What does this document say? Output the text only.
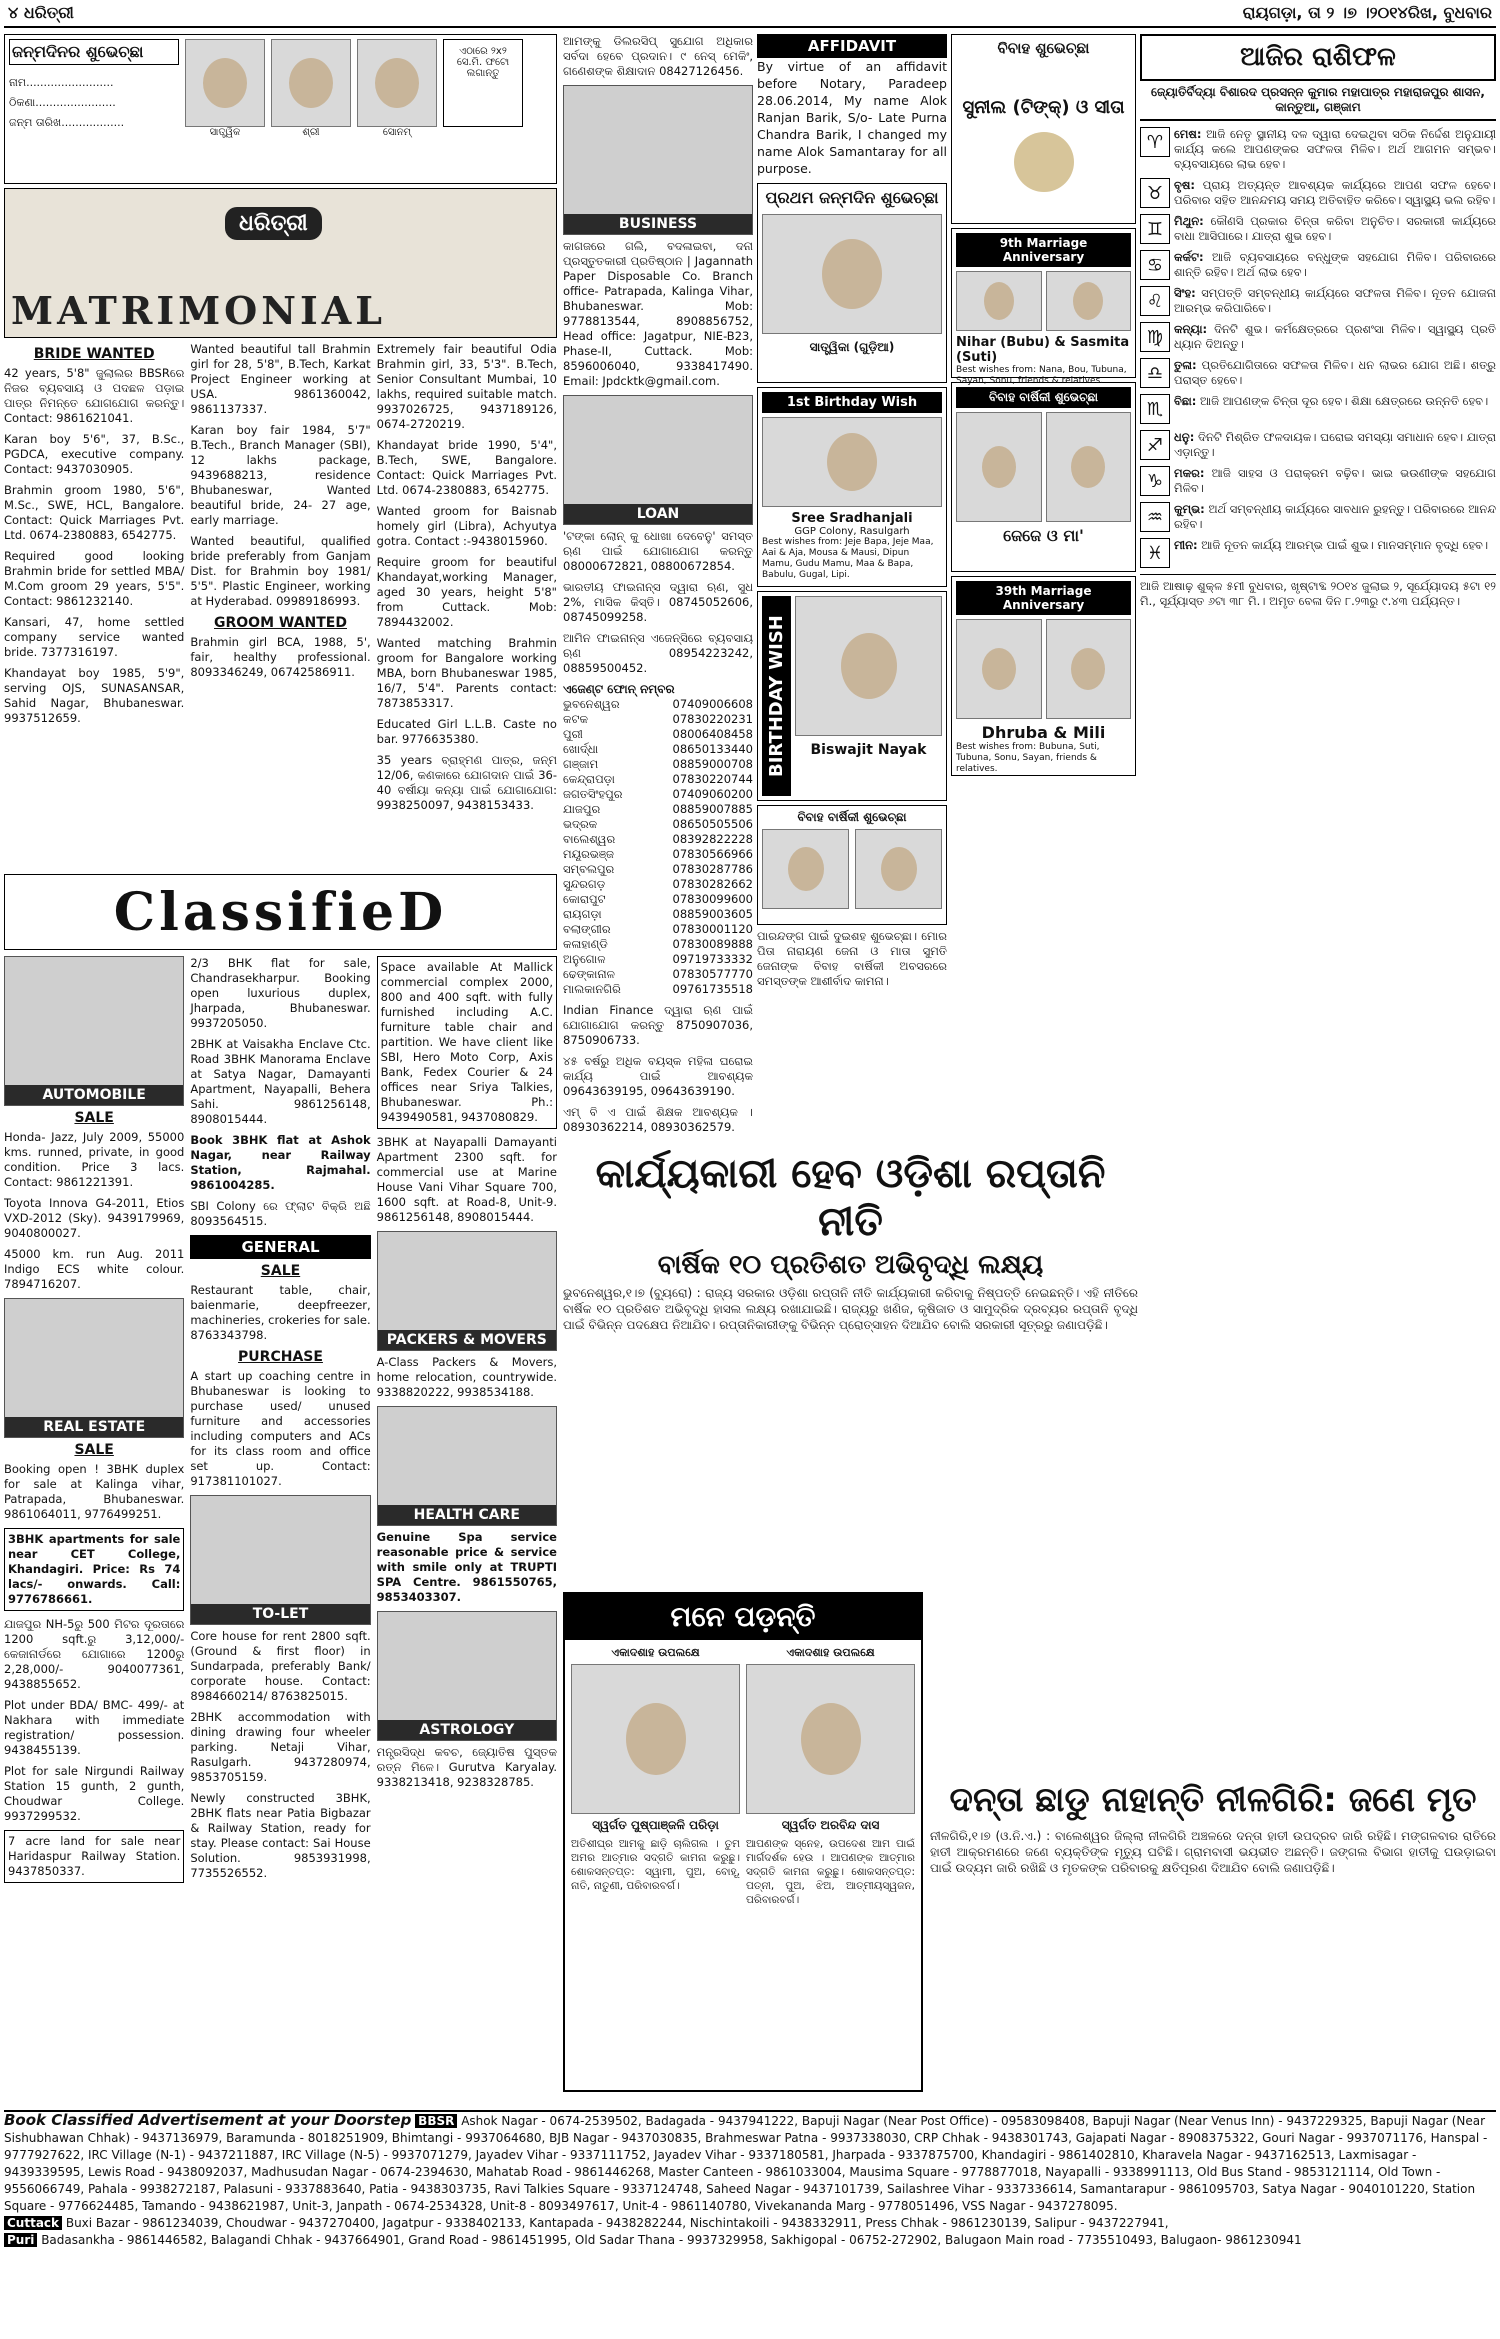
୪ ଧରିତ୍ରୀ	ରାୟଗଡ଼ା, ତା ୨ ।୭ ।୨୦୧୪ରିଖ, ବୁଧବାର
ଜନ୍ମଦିନର ଶୁଭେଚ୍ଛା
ନାମ.........................
ଠିକଣା.......................
ଜନ୍ମ ତାରିଖ..................
ସାତ୍ତ୍ୱିକ	ଶ୍ରୀ	ସୋନମ୍
ଏଠାରେ ୨x୨ ସେ.ମି. ଫଟୋ ଲଗାନ୍ତୁ
ଧରିତ୍ରୀ
MATRIMONIAL
BRIDE WANTED
42 years, 5'8" ଜୁଲାଲର BBSRରେ ନିଜର ବ୍ୟବସାୟ ଓ ପଦଛଳ ପଡ଼ାଇ ପାତ୍ର ନିମନ୍ତେ ଯୋଗଯୋଗ କରନ୍ତୁ। Contact: 9861621041.
Karan boy 5'6", 37, B.Sc., PGDCA, executive company. Contact: 9437030905.
Brahmin groom 1980, 5'6", M.Sc., SWE, HCL, Bangalore. Contact: Quick Marriages Pvt. Ltd. 0674-2380883, 6542775.
Required good looking Brahmin bride for settled MBA/ M.Com groom 29 years, 5'5". Contact: 9861232140.
Kansari, 47, home settled company service wanted bride. 7377316197.
Khandayat boy 1985, 5'9", serving OJS, SUNASANSAR, Sahid Nagar, Bhubaneswar. 9937512659.
Wanted beautiful tall Brahmin girl for 28, 5'8", B.Tech, Karkat Project Engineer working at USA. 9861360042, 9861137337.
Karan boy fair 1984, 5'7" B.Tech., Branch Manager (SBI), 12 lakhs package, 9439688213, residence Bhubaneswar, Wanted beautiful bride, 24- 27 age, early marriage.
Wanted beautiful, qualified bride preferably from Ganjam Dist. for Brahmin boy 1981/ 5'5". Plastic Engineer, working at Hyderabad. 09989186993.
GROOM WANTED
Brahmin girl BCA, 1988, 5', fair, healthy professional. 8093346249, 06742586911.
Extremely fair beautiful Odia Brahmin girl, 33, 5'3". B.Tech, Senior Consultant Mumbai, 10 lakhs, required suitable match. 9937026725, 9437189126, 0674-2720219.
Khandayat bride 1990, 5'4", B.Tech, SWE, Bangalore. Contact: Quick Marriages Pvt. Ltd. 0674-2380883, 6542775.
Wanted groom for Baisnab homely girl (Libra), Achyutya gotra. Contact :-9438015960.
Require groom for beautiful Khandayat,working Manager, aged 30 years, height 5'8" from Cuttack. Mob: 7894432002.
Wanted matching Brahmin groom for Bangalore working MBA, born Bhubaneswar 1985, 16/7, 5'4". Parents contact: 7873853317.
Educated Girl L.L.B. Caste no bar. 9776635380.
35 years ବ୍ରାହ୍ମଣ ପାତ୍ର, ଜନ୍ମ 12/06, କଣକାରେ ଯୋଗଦାନ ପାଇଁ 36-40 ବର୍ଷୀୟା କନ୍ୟା ପାଇଁ ଯୋଗାଯୋଗ: 9938250097, 9438153433.
ClassifieD
AUTOMOBILE
SALE
Honda- Jazz, July 2009, 55000 kms. runned, private, in good condition. Price 3 lacs. Contact: 9861221391.
Toyota Innova G4-2011, Etios VXD-2012 (Sky). 9439179969, 9040800027.
45000 km. run Aug. 2011 Indigo ECS white colour. 7894716207.
REAL ESTATE
SALE
Booking open ! 3BHK duplex for sale at Kalinga vihar, Patrapada, Bhubaneswar. 9861064011, 9776499251.
3BHK apartments for sale near CET College, Khandagiri. Price: Rs 74 lacs/- onwards. Call: 9776786661.
ଯାଜପୁର NH-5ରୁ 500 ମିଟର ଦୂରତାରେ 1200 sqft.ରୁ 3,12,000/- କେଜାନାର୍ଡରେ ଯୋଗାରେ 1200ରୁ 2,28,000/- 9040077361, 9438855652.
Plot under BDA/ BMC- 499/- at Nakhara with immediate registration/ possession. 9438455139.
Plot for sale Nirgundi Railway Station 15 gunth, 2 gunth, Choudwar College. 9937299532.
7 acre land for sale near Haridaspur Railway Station. 9437850337.
2/3 BHK flat for sale, Chandrasekharpur. Booking open luxurious duplex, Jharpada, Bhubaneswar. 9937205050.
2BHK at Vaisakha Enclave Ctc. Road 3BHK Manorama Enclave at Satya Nagar, Damayanti Apartment, Nayapalli, Behera Sahi. 9861256148, 8908015444.
Book 3BHK flat at Ashok Nagar, near Railway Station, Rajmahal. 9861004285.
SBI Colony ରେ ଫ୍ଲାଟ ବିକ୍ରି ଅଛି 8093564515.
GENERAL
SALE
Restaurant table, chair, baienmarie, deepfreezer, machineries, crokeries for sale. 8763343798.
PURCHASE
A start up coaching centre in Bhubaneswar is looking to purchase used/ unused furniture and accessories including computers and ACs for its class room and office set up. Contact: 917381101027.
TO-LET
Core house for rent 2800 sqft. (Ground & first floor) in Sundarpada, preferably Bank/ corporate house. Contact: 8984660214/ 8763825015.
2BHK accommodation with dining drawing four wheeler parking. Netaji Vihar, Rasulgarh. 9437280974, 9853705159.
Newly constructed 3BHK, 2BHK flats near Patia Bigbazar & Railway Station, ready for stay. Please contact: Sai House Solution. 9853931998, 7735526552.
Space available At Mallick commercial complex 2000, 800 and 400 sqft. with fully furnished including A.C. furniture table chair and partition. We have client like SBI, Hero Moto Corp, Axis Bank, Fedex Courier & 24 offices near Sriya Talkies, Bhubaneswar. Ph.: 9439490581, 9437080829.
3BHK at Nayapalli Damayanti Apartment 2300 sqft. for commercial use at Marine House Vani Vihar Square 700, 1600 sqft. at Road-8, Unit-9. 9861256148, 8908015444.
PACKERS & MOVERS
A-Class Packers & Movers, home relocation, countrywide. 9338820222, 9938534188.
HEALTH CARE
Genuine Spa service reasonable price & service with smile only at TRUPTI SPA Centre. 9861550765, 9853403307.
ASTROLOGY
ମନ୍ତ୍ରସିଦ୍ଧ କବଚ, ଜ୍ୟୋତିଷ ପୁସ୍ତକ ରତ୍ନ ମିଳେ। Gurutva Karyalay. 9338213418, 9238328785.
ଆମଙ୍କୁ ଡିଲରସିପ୍ ସୁଯୋଗ ଅଧିକାର ସର୍ବଦା ହେବେ ପ୍ରଦାନ। ୯ ନେସ୍ ମେକିଂ, ଗଣେଶଙ୍କ ଶିକ୍ଷାଦାନ 08427126456.
BUSINESS
କାଗଜରେ ଗଲି, ବଦଳାଇବା, ଦନା ପ୍ରସ୍ତୁତକାରୀ ପ୍ରତିଷ୍ଠାନ | Jagannath Paper Disposable Co. Branch office- Patrapada, Kalinga Vihar, Bhubaneswar. Mob: 9778813544, 8908856752, Head office: Jagatpur, NIE-B23, Phase-II, Cuttack. Mob: 8596006040, 9338417490. Email: Jpdcktk@gmail.com.
LOAN
'ଟଙ୍କା ଲୋନ୍ କୁ ଧୋଖା ଦେବେନୁ' ସମସ୍ତ ଋଣ ପାଇଁ ଯୋଗାଯୋଗ କରନ୍ତୁ 08000672821, 08800672854.
ଭାରତୀୟ ଫାଇନାନ୍ସ ଦ୍ୱାରା ଋଣ, ସୁଧ 2%, ମାସିକ କିସ୍ତି। 08745052606, 08745099258.
ଆମିନ ଫାଇନାନ୍ସ ଏଜେନ୍ସିରେ ବ୍ୟବସାୟ ଋଣ 08954223242, 08859500452.
ଏଜେଣ୍ଟ ଫୋନ୍ ନମ୍ବର
ଭୁବନେଶ୍ୱର	07409006608
କଟକ	07830220231
ପୁରୀ	08006408458
ଖୋର୍ଦ୍ଧା	08650133440
ଗଞ୍ଜାମ	08859000708
କେନ୍ଦ୍ରାପଡ଼ା	07830220744
ଜଗତସିଂହପୁର	07409060200
ଯାଜପୁର	08859007885
ଭଦ୍ରକ	08650505506
ବାଲେଶ୍ୱର	08392822228
ମୟୂରଭଞ୍ଜ	07830566966
ସମ୍ବଲପୁର	07830287786
ସୁନ୍ଦରଗଡ଼	07830282662
କୋରାପୁଟ	07830099600
ରାୟଗଡ଼ା	08859003605
ବଲାଙ୍ଗୀର	07830001120
କଳାହାଣ୍ଡି	07830089888
ଅନୁଗୋଳ	09719733332
ଢେଙ୍କାନାଳ	07830577770
ମାଲକାନଗିରି	09761735518
Indian Finance ଦ୍ୱାରା ଋଣ ପାଇଁ ଯୋଗାଯୋଗ କରନ୍ତୁ 8750907036, 8750906733.
୪୫ ବର୍ଷରୁ ଅଧିକ ବୟସ୍କ ମହିଳା ଘରୋଇ କାର୍ଯ୍ୟ ପାଇଁ ଆବଶ୍ୟକ 09643639195, 09643639190.
ଏମ୍ ବି ଏ ପାଇଁ ଶିକ୍ଷକ ଆବଶ୍ୟକ । 08930362214, 08930362579.
AFFIDAVIT
By virtue of an affidavit before Notary, Paradeep 28.06.2014, My name Alok Ranjan Barik, S/o- Late Purna Chandra Barik, I changed my name Alok Samantaray for all purpose.
ପ୍ରଥମ ଜନ୍ମଦିନ ଶୁଭେଚ୍ଛା
ସାତ୍ତ୍ୱିକା (ଗୁଡ଼ିଆ)
1st Birthday Wish
Sree Sradhanjali
GGP Colony, Rasulgarh
Best wishes from: Jeje Bapa, Jeje Maa, Aai & Aja, Mousa & Mausi, Dipun Mamu, Gudu Mamu, Maa & Bapa, Babulu, Gugal, Lipi.
BIRTHDAY WISH	Biswajit Nayak
ବିବାହ ବାର୍ଷିକୀ ଶୁଭେଚ୍ଛା
ପାରନ୍ଦଙ୍ଗ ପାଇଁ ଦୁଇଶହ ଶୁଭେଚ୍ଛା। ମୋର ପିତା ନାରାୟଣ ଜେନା ଓ ମାତା ସୁମତି ଜେନାଙ୍କ ବିବାହ ବାର୍ଷିକୀ ଅବସରରେ ସମସ୍ତଙ୍କ ଆଶୀର୍ବାଦ କାମନା।
ବିବାହ ଶୁଭେଚ୍ଛା
ସୁନୀଲ (ଟିଙ୍କ୍) ଓ ସୀତା
9th Marriage Anniversary
Nihar (Bubu) & Sasmita (Suti)
Best wishes from: Nana, Bou, Tubuna, Sayan, Sonu, friends & relatives.
ବିବାହ ବାର୍ଷିକୀ ଶୁଭେଚ୍ଛା
ଜେଜେ ଓ ମା'
39th Marriage Anniversary
Dhruba & Mili
Best wishes from: Bubuna, Suti, Tubuna, Sonu, Sayan, friends & relatives.
ଆଜିର ରାଶିଫଳ
ଜ୍ୟୋତିର୍ବିଦ୍ୟା ବିଶାରଦ ପ୍ରସନ୍ନ କୁମାର ମହାପାତ୍ର ମହାରାଜପୁର ଶାସନ, କାନ୍ତୁଆ, ଗଞ୍ଜାମ
♈ ମେଷ: ଆଜି ନେତୃ ସ୍ଥାନୀୟ ଦଳ ଦ୍ୱାରା ଦେଇଥିବା ସଠିକ ନିର୍ଦ୍ଦେଶ ଅନୁଯାୟୀ କାର୍ଯ୍ୟ କଲେ ଆପଣଙ୍କର ସଫଳତା ମିଳିବ। ଅର୍ଥ ଆଗମନ ସମ୍ଭବ। ବ୍ୟବସାୟରେ ଲାଭ ହେବ।
♉ ବୃଷ: ପ୍ରାୟ ଅତ୍ୟନ୍ତ ଆବଶ୍ୟକ କାର୍ଯ୍ୟରେ ଆପଣ ସଫଳ ହେବେ। ପରିବାର ସହିତ ଆନନ୍ଦମୟ ସମୟ ଅତିବାହିତ କରିବେ। ସ୍ୱାସ୍ଥ୍ୟ ଭଲ ରହିବ।
♊ ମିଥୁନ: କୌଣସି ପ୍ରକାର ଚିନ୍ତା କରିବା ଅନୁଚିତ। ସରକାରୀ କାର୍ଯ୍ୟରେ ବାଧା ଆସିପାରେ। ଯାତ୍ରା ଶୁଭ ହେବ।
♋ କର୍କଟ: ଆଜି ବ୍ୟବସାୟରେ ବନ୍ଧୁଙ୍କ ସହଯୋଗ ମିଳିବ। ପରିବାରରେ ଶାନ୍ତି ରହିବ। ଅର୍ଥ ଲାଭ ହେବ।
♌ ସିଂହ: ସମ୍ପତ୍ତି ସମ୍ବନ୍ଧୀୟ କାର୍ଯ୍ୟରେ ସଫଳତା ମିଳିବ। ନୂତନ ଯୋଜନା ଆରମ୍ଭ କରିପାରିବେ।
♍ କନ୍ୟା: ଦିନଟି ଶୁଭ। କର୍ମକ୍ଷେତ୍ରରେ ପ୍ରଶଂସା ମିଳିବ। ସ୍ୱାସ୍ଥ୍ୟ ପ୍ରତି ଧ୍ୟାନ ଦିଅନ୍ତୁ।
♎ ତୁଳା: ପ୍ରତିଯୋଗିତାରେ ସଫଳତା ମିଳିବ। ଧନ ଲାଭର ଯୋଗ ଅଛି। ଶତ୍ରୁ ପରାସ୍ତ ହେବେ।
♏ ବିଛା: ଆଜି ଆପଣଙ୍କ ଚିନ୍ତା ଦୂର ହେବ। ଶିକ୍ଷା କ୍ଷେତ୍ରରେ ଉନ୍ନତି ହେବ।
♐ ଧନୁ: ଦିନଟି ମିଶ୍ରିତ ଫଳଦାୟକ। ଘରୋଇ ସମସ୍ୟା ସମାଧାନ ହେବ। ଯାତ୍ରା ଏଡ଼ାନ୍ତୁ।
♑ ମକର: ଆଜି ସାହସ ଓ ପରାକ୍ରମ ବଢ଼ିବ। ଭାଇ ଭଉଣୀଙ୍କ ସହଯୋଗ ମିଳିବ।
♒ କୁମ୍ଭ: ଅର୍ଥ ସମ୍ବନ୍ଧୀୟ କାର୍ଯ୍ୟରେ ସାବଧାନ ରୁହନ୍ତୁ। ପରିବାରରେ ଆନନ୍ଦ ରହିବ।
♓ ମୀନ: ଆଜି ନୂତନ କାର୍ଯ୍ୟ ଆରମ୍ଭ ପାଇଁ ଶୁଭ। ମାନସମ୍ମାନ ବୃଦ୍ଧି ହେବ।
ଆଜି ଆଷାଢ଼ ଶୁକ୍ଳ ୫ମୀ ବୁଧବାର, ଖୃଷ୍ଟାବ୍ଦ ୨୦୧୪ ଜୁଲାଇ ୨, ସୂର୍ଯ୍ୟୋଦୟ ୫ଟା ୧୨ ମି., ସୂର୍ଯ୍ୟାସ୍ତ ୬ଟା ୩୮ ମି.। ଅମୃତ ବେଳା ଦିନ ୮.୨୩ରୁ ୯.୪୩ ପର୍ଯ୍ୟନ୍ତ।
କାର୍ଯ୍ୟକାରୀ ହେବ ଓଡ଼ିଶା ରପ୍ତାନି ନୀତି
ବାର୍ଷିକ ୧୦ ପ୍ରତିଶତ ଅଭିବୃଦ୍ଧି ଲକ୍ଷ୍ୟ

ଭୁବନେଶ୍ୱର,୧।୭ (ବ୍ୟୁରୋ) : ରାଜ୍ୟ ସରକାର ଓଡ଼ିଶା ରପ୍ତାନି ନୀତି କାର୍ଯ୍ୟକାରୀ କରିବାକୁ ନିଷ୍ପତ୍ତି ନେଇଛନ୍ତି। ଏହି ନୀତିରେ ବାର୍ଷିକ ୧୦ ପ୍ରତିଶତ ଅଭିବୃଦ୍ଧି ହାସଲ ଲକ୍ଷ୍ୟ ରଖାଯାଇଛି। ରାଜ୍ୟରୁ ଖଣିଜ, କୃଷିଜାତ ଓ ସାମୁଦ୍ରିକ ଦ୍ରବ୍ୟର ରପ୍ତାନି ବୃଦ୍ଧି ପାଇଁ ବିଭିନ୍ନ ପଦକ୍ଷେପ ନିଆଯିବ। ରପ୍ତାନିକାରୀଙ୍କୁ ବିଭିନ୍ନ ପ୍ରୋତ୍ସାହନ ଦିଆଯିବ ବୋଲି ସରକାରୀ ସୂତ୍ରରୁ ଜଣାପଡ଼ିଛି।

ମନେ ପଡ଼ନ୍ତି
ଏକାଦଶାହ ଉପଲକ୍ଷେ
ସ୍ୱର୍ଗତ ପୁଷ୍ପାଞ୍ଜଳି ପରିଡ଼ା
ଅତିଶୀଘ୍ର ଆମକୁ ଛାଡ଼ି ଚାଲିଗଲ । ତୁମ ଅମର ଆତ୍ମାର ସଦ୍‌ଗତି କାମନା କରୁଛୁ। ଶୋକସନ୍ତପ୍ତ: ସ୍ୱାମୀ, ପୁଅ, ବୋହୂ, ନାତି, ନାତୁଣୀ, ପରିବାରବର୍ଗ।
ଏକାଦଶାହ ଉପଲକ୍ଷେ
ସ୍ୱର୍ଗତ ଅରବିନ୍ଦ ଦାସ
ଆପଣଙ୍କ ସ୍ନେହ, ଉପଦେଶ ଆମ ପାଇଁ ମାର୍ଗଦର୍ଶକ ହେଉ । ଆପଣଙ୍କ ଆତ୍ମାର ସଦ୍‌ଗତି କାମନା କରୁଛୁ। ଶୋକସନ୍ତପ୍ତ: ପତ୍ନୀ, ପୁଅ, ଝିଅ, ଆତ୍ମୀୟସ୍ୱଜନ, ପରିବାରବର୍ଗ।
ଦନ୍ତା ଛାଡୁ ନାହାନ୍ତି ନୀଳଗିରି: ଜଣେ ମୃତ

ନୀଳଗିରି,୧।୭ (ଓ.ନି.ଏ.) : ବାଲେଶ୍ୱର ଜିଲ୍ଲା ନୀଳଗିରି ଅଞ୍ଚଳରେ ଦନ୍ତା ହାତୀ ଉପଦ୍ରବ ଜାରି ରହିଛି। ମଙ୍ଗଳବାର ରାତିରେ ହାତୀ ଆକ୍ରମଣରେ ଜଣେ ବ୍ୟକ୍ତିଙ୍କ ମୃତ୍ୟୁ ଘଟିଛି। ଗ୍ରାମବାସୀ ଭୟଭୀତ ଅଛନ୍ତି। ଜଙ୍ଗଲ ବିଭାଗ ହାତୀକୁ ଘଉଡ଼ାଇବା ପାଇଁ ଉଦ୍ୟମ ଜାରି ରଖିଛି ଓ ମୃତକଙ୍କ ପରିବାରକୁ କ୍ଷତିପୂରଣ ଦିଆଯିବ ବୋଲି ଜଣାପଡ଼ିଛି।

Book Classified Advertisement at your Doorstep BBSR Ashok Nagar - 0674-2539502, Badagada - 9437941222, Bapuji Nagar (Near Post Office) - 09583098408, Bapuji Nagar (Near Venus Inn) - 9437229325, Bapuji Nagar (Near Sishubhawan Chhak) - 9437136979, Baramunda - 8018251909, Bhimtangi - 9937064680, BJB Nagar - 9437030835, Brahmeswar Patna - 9937338030, CRP Chhak - 9438301743, Gajapati Nagar - 8908375322, Gouri Nagar - 9937071176, Hanspal - 9777927622, IRC Village (N-1) - 9437211887, IRC Village (N-5) - 9937071279, Jayadev Vihar - 9337111752, Jayadev Vihar - 9337180581, Jharpada - 9337875700, Khandagiri - 9861402810, Kharavela Nagar - 9437162513, Laxmisagar - 9439339595, Lewis Road - 9438092037, Madhusudan Nagar - 0674-2394630, Mahatab Road - 9861446268, Master Canteen - 9861033004, Mausima Square - 9778877018, Nayapalli - 9338991113, Old Bus Stand - 9853121114, Old Town - 9556066749, Pahala - 9938272187, Palasuni - 9337883640, Patia - 9438303735, Ravi Talkies Square - 9337124748, Saheed Nagar - 9437101739, Sailashree Vihar - 9337336614, Samantarapur - 9861095703, Satya Nagar - 9040101220, Station Square - 9776624485, Tamando - 9438621987, Unit-3, Janpath - 0674-2534328, Unit-8 - 8093497617, Unit-4 - 9861140780, Vivekananda Marg - 9778051496, VSS Nagar - 9437278095.
Cuttack Buxi Bazar - 9861234039, Choudwar - 9437270400, Jagatpur - 9338402133, Kantapada - 9438282244, Nischintakoili - 9438332911, Press Chhak - 9861230139, Salipur - 9437227941,
Puri Badasankha - 9861446582, Balagandi Chhak - 9437664901, Grand Road - 9861451995, Old Sadar Thana - 9937329958, Sakhigopal - 06752-272902, Balugaon Main road - 7735510493, Balugaon- 9861230941
